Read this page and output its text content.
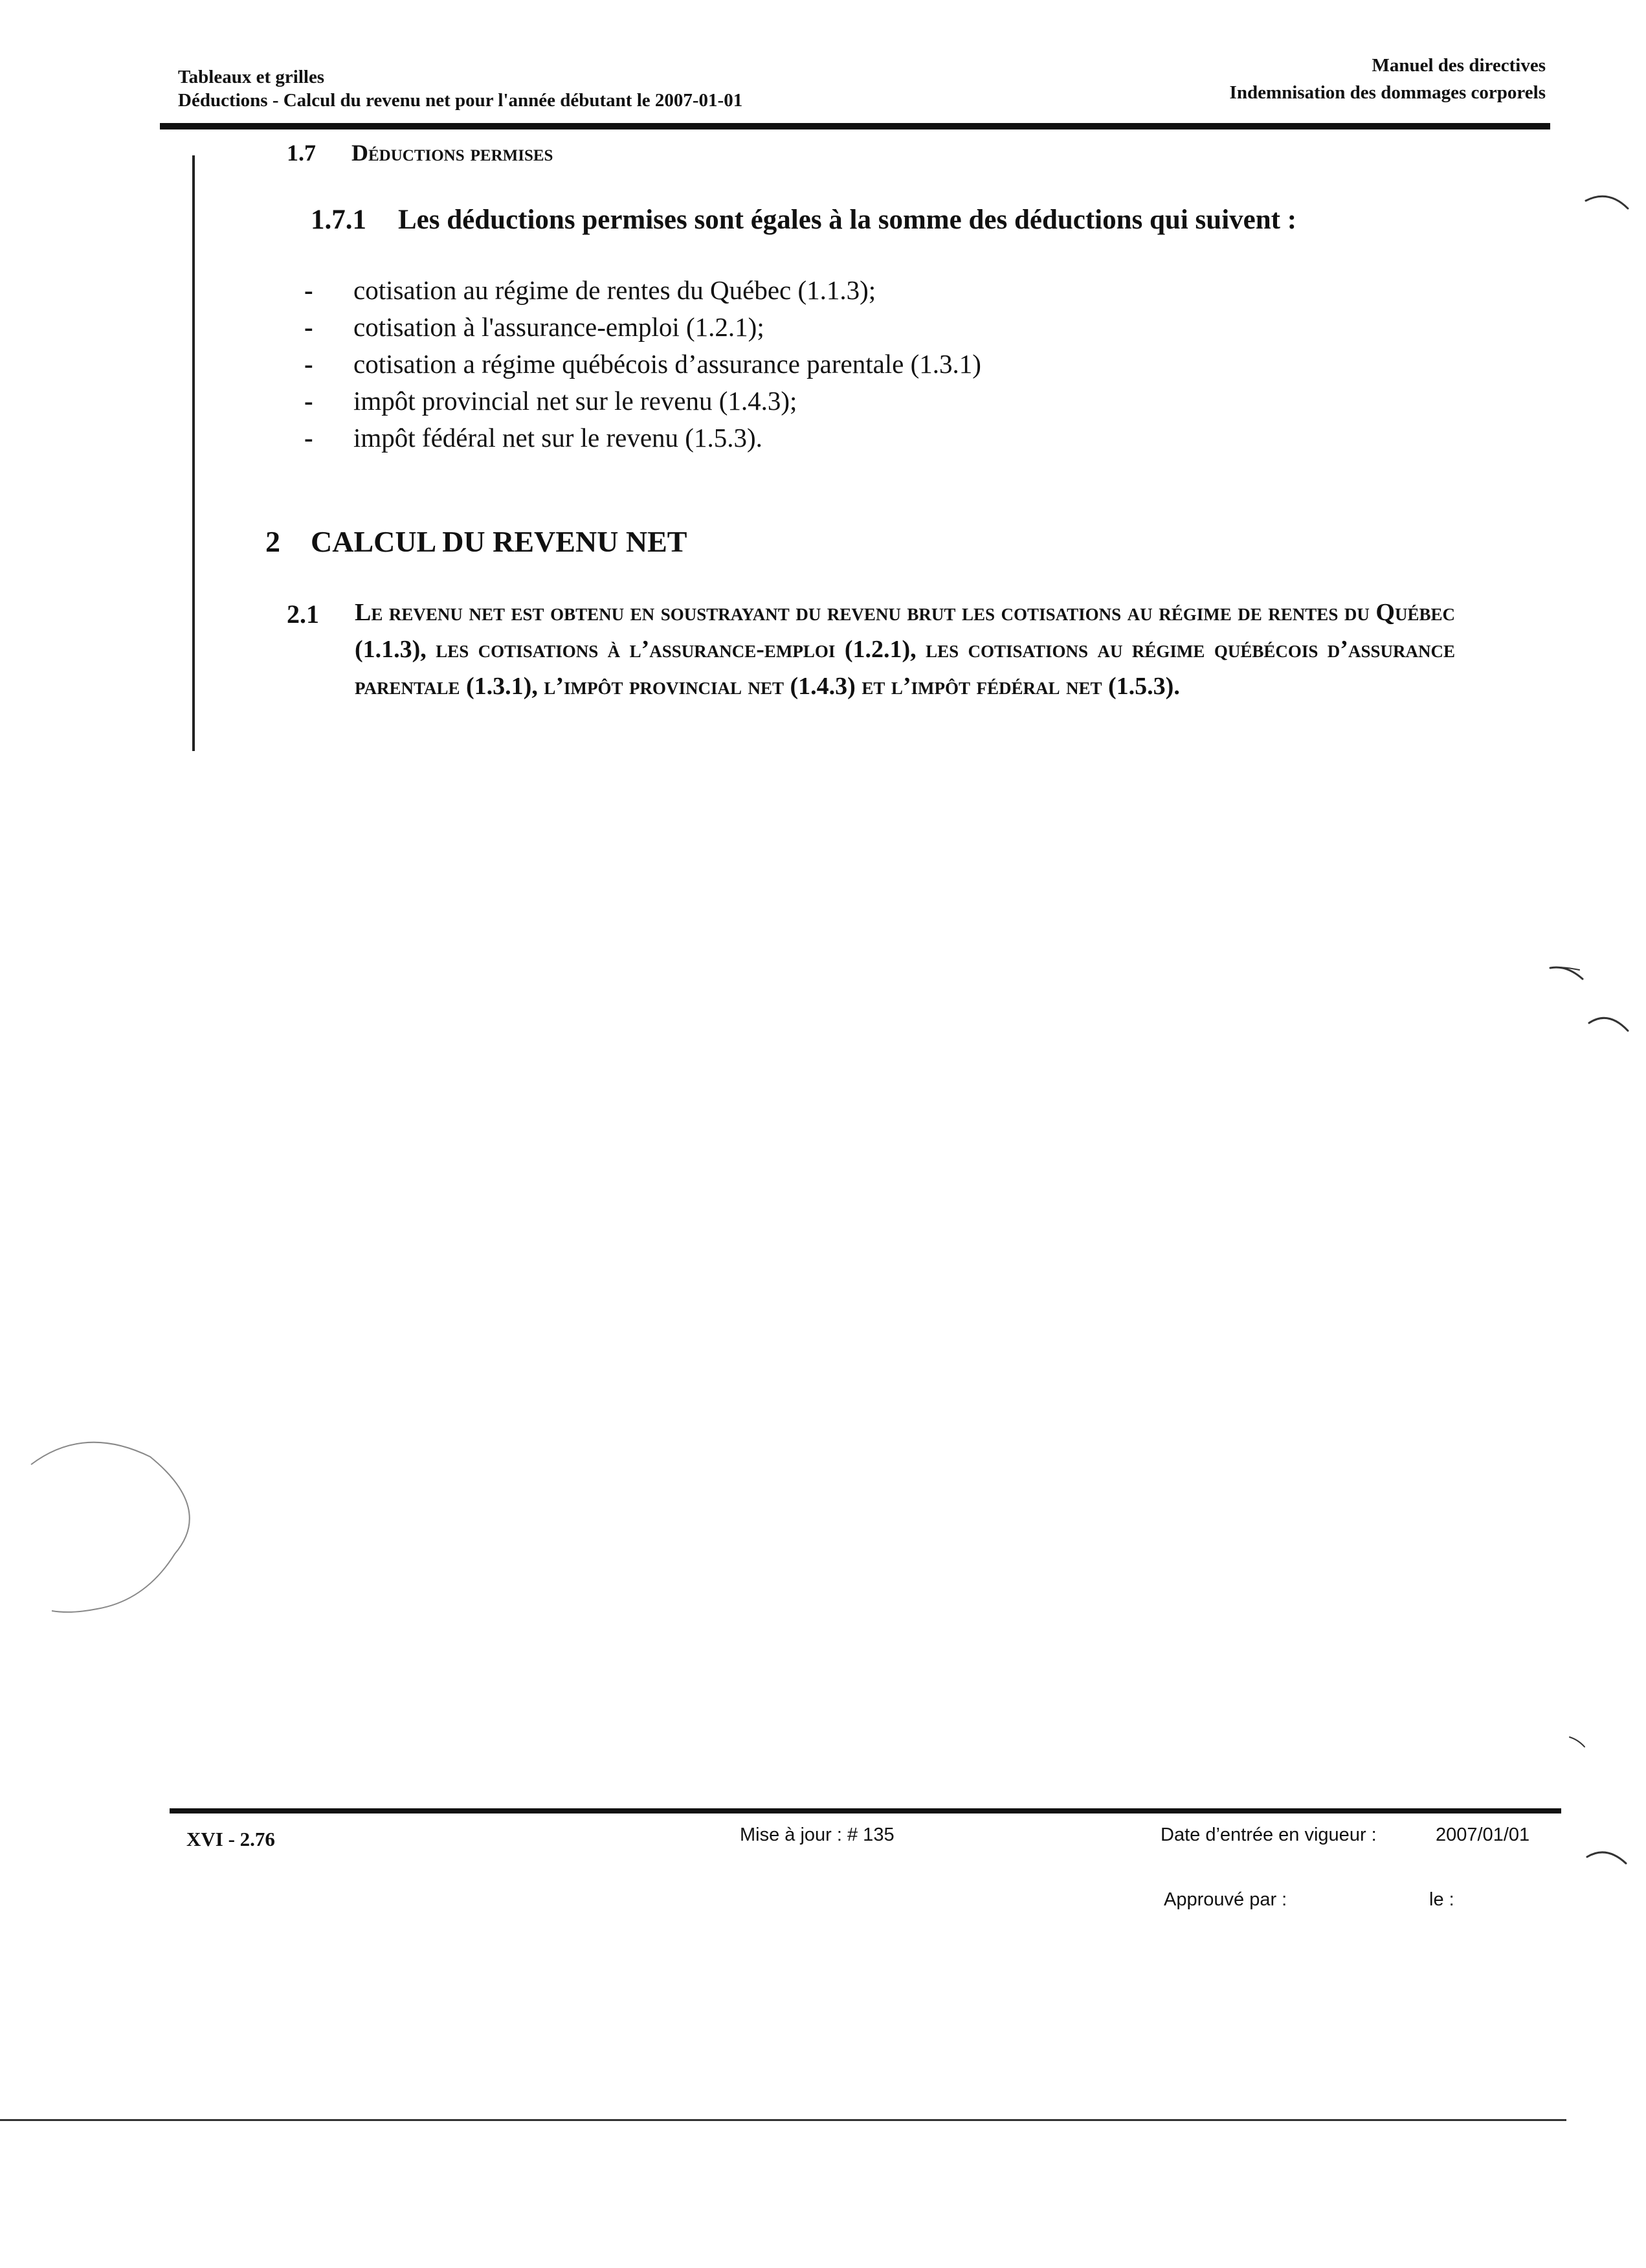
Tableaux et grilles
Déductions - Calcul du revenu net pour l'année débutant le 2007-01-01
Manuel des directives
Indemnisation des dommages corporels
1.7 Déductions permises
1.7.1 Les déductions permises sont égales à la somme des déductions qui suivent :
- cotisation au régime de rentes du Québec (1.1.3);
- cotisation à l'assurance-emploi (1.2.1);
- cotisation a régime québécois d’assurance parentale (1.3.1)
- impôt provincial net sur le revenu (1.4.3);
- impôt fédéral net sur le revenu (1.5.3).
2 CALCUL DU REVENU NET
2.1 Le revenu net est obtenu en soustrayant du revenu brut les cotisations au régime de rentes du Québec (1.1.3), les cotisations à l’assurance-emploi (1.2.1), les cotisations au régime québécois d’assurance parentale (1.3.1), l’impôt provincial net (1.4.3) et l’impôt fédéral net (1.5.3).
XVI - 2.76	Mise à jour : # 135	Date d’entrée en vigueur :	2007/01/01
Approuvé par :	le :
